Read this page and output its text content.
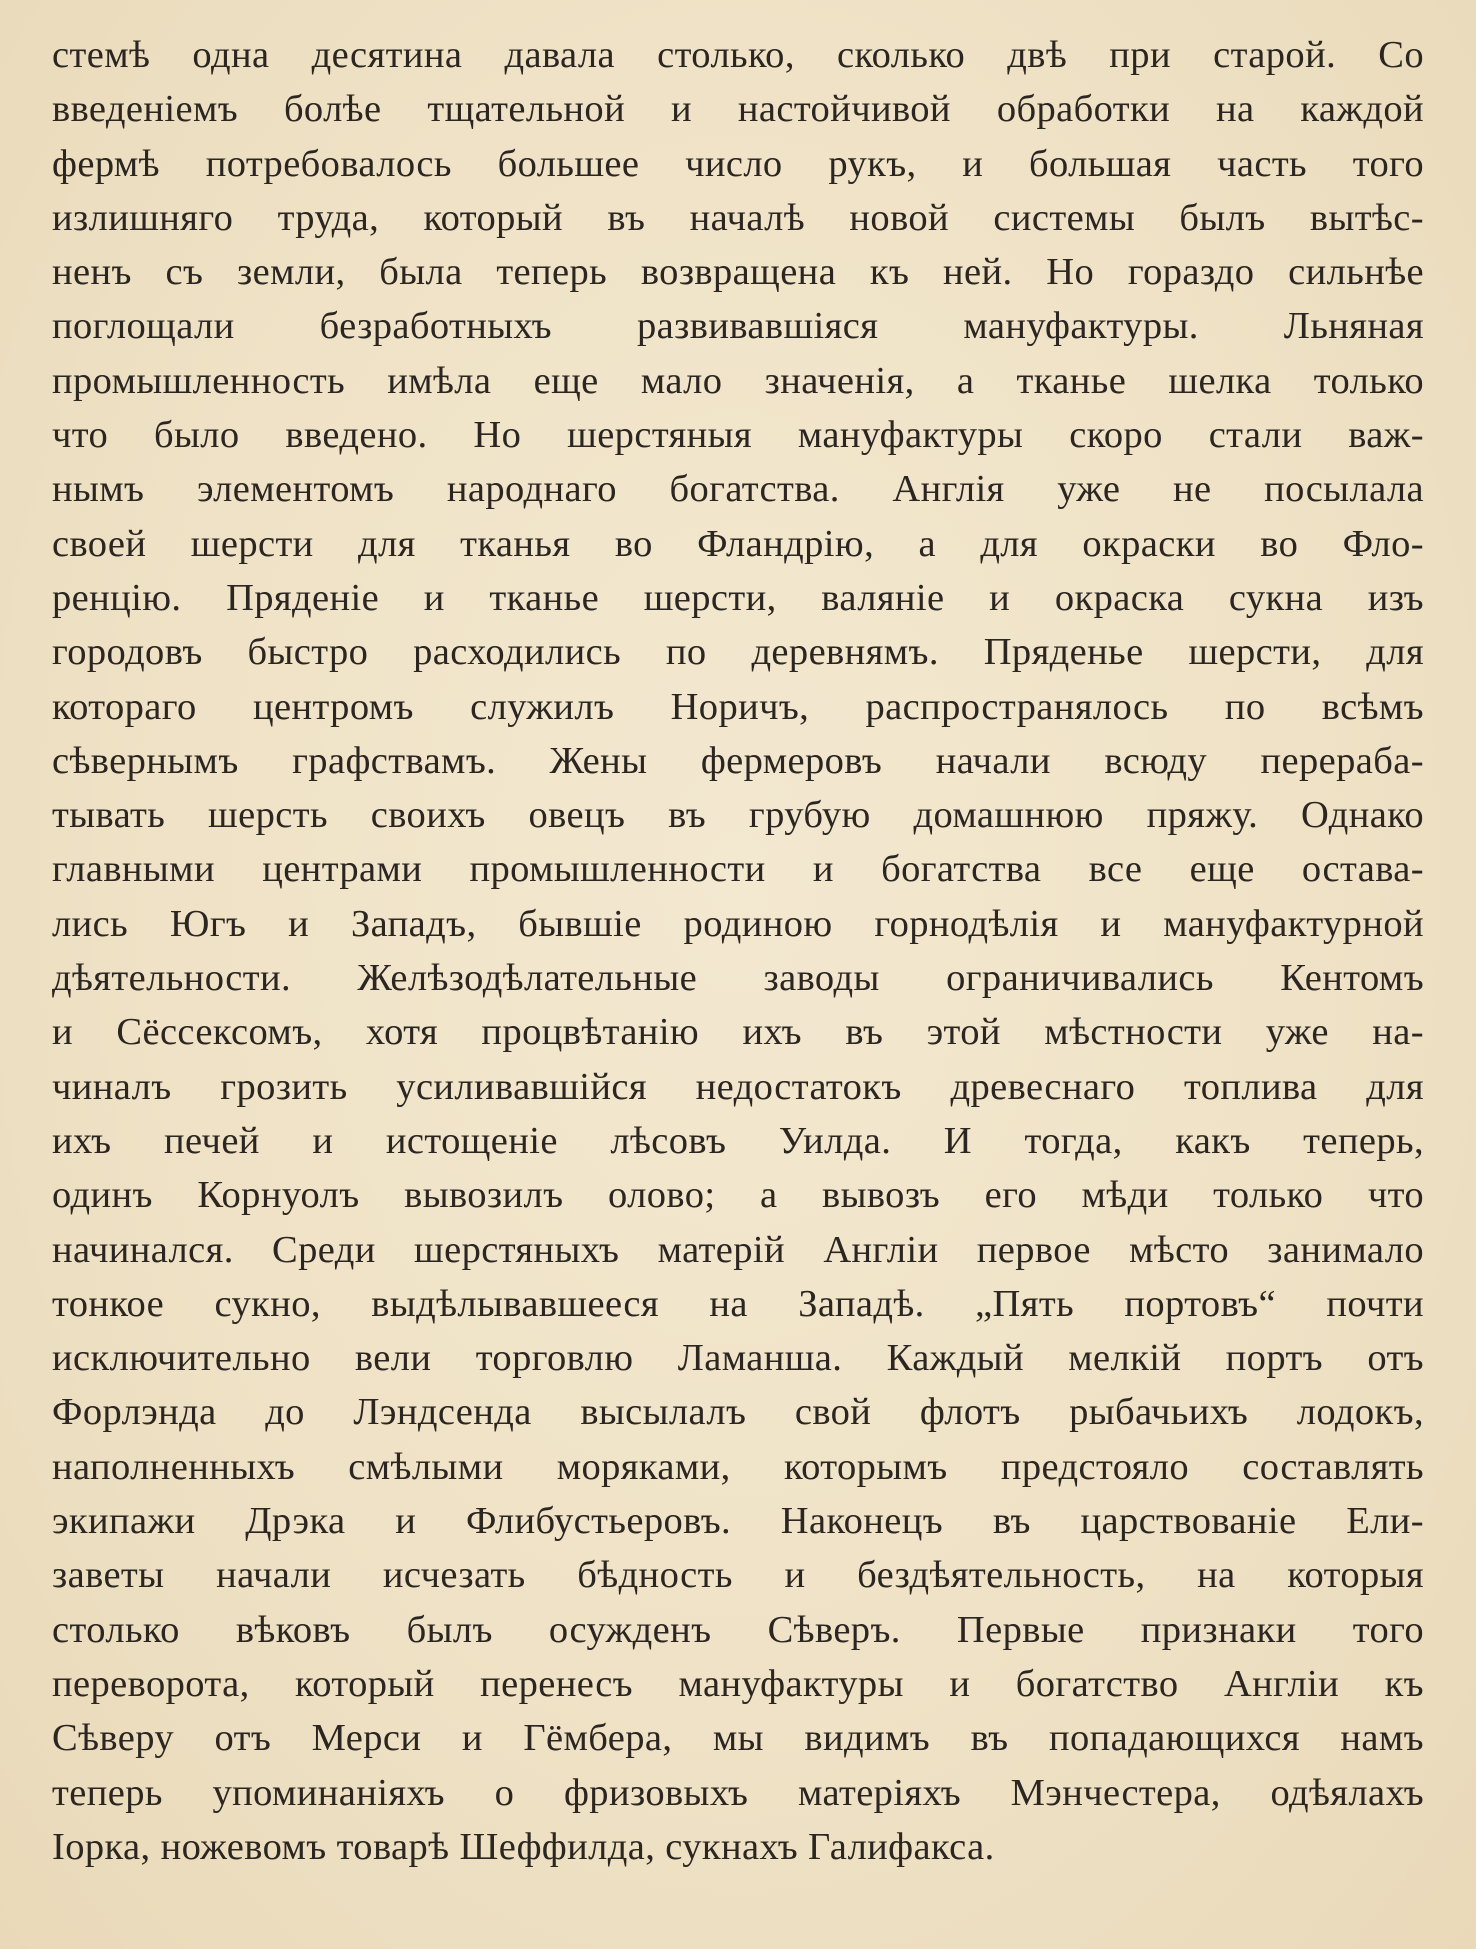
стемѣ одна десятина давала столько, сколько двѣ при старой. Со
введеніемъ болѣе тщательной и настойчивой обработки на каждой
фермѣ потребовалось большее число рукъ, и большая часть того
излишняго труда, который въ началѣ новой системы былъ вытѣс-
ненъ съ земли, была теперь возвращена къ ней. Но гораздо сильнѣе
поглощали безработныхъ развивавшіяся мануфактуры. Льняная
промышленность имѣла еще мало значенія, а тканье шелка только
что было введено. Но шерстяныя мануфактуры скоро стали важ-
нымъ элементомъ народнаго богатства. Англія уже не посылала
своей шерсти для тканья во Фландрію, а для окраски во Фло-
ренцію. Пряденіе и тканье шерсти, валяніе и окраска сукна изъ
городовъ быстро расходились по деревнямъ. Пряденье шерсти, для
котораго центромъ служилъ Норичъ, распространялось по всѣмъ
сѣвернымъ графствамъ. Жены фермеровъ начали всюду перераба-
тывать шерсть своихъ овецъ въ грубую домашнюю пряжу. Однако
главными центрами промышленности и богатства все еще остава-
лись Югъ и Западъ, бывшіе родиною горнодѣлія и мануфактурной
дѣятельности. Желѣзодѣлательные заводы ограничивались Кентомъ
и Сёссексомъ, хотя процвѣтанію ихъ въ этой мѣстности уже на-
чиналъ грозить усиливавшійся недостатокъ древеснаго топлива для
ихъ печей и истощеніе лѣсовъ Уилда. И тогда, какъ теперь,
одинъ Корнуолъ вывозилъ олово; а вывозъ его мѣди только что
начинался. Среди шерстяныхъ матерій Англіи первое мѣсто занимало
тонкое сукно, выдѣлывавшееся на Западѣ. „Пять портовъ“ почти
исключительно вели торговлю Ламанша. Каждый мелкій портъ отъ
Форлэнда до Лэндсенда высылалъ свой флотъ рыбачьихъ лодокъ,
наполненныхъ смѣлыми моряками, которымъ предстояло составлять
экипажи Дрэка и Флибустьеровъ. Наконецъ въ царствованіе Ели-
заветы начали исчезать бѣдность и бездѣятельность, на которыя
столько вѣковъ былъ осужденъ Сѣверъ. Первые признаки того
переворота, который перенесъ мануфактуры и богатство Англіи къ
Сѣверу отъ Мерси и Гёмбера, мы видимъ въ попадающихся намъ
теперь упоминаніяхъ о фризовыхъ матеріяхъ Мэнчестера, одѣялахъ
Іорка, ножевомъ товарѣ Шеффилда, сукнахъ Галифакса.
